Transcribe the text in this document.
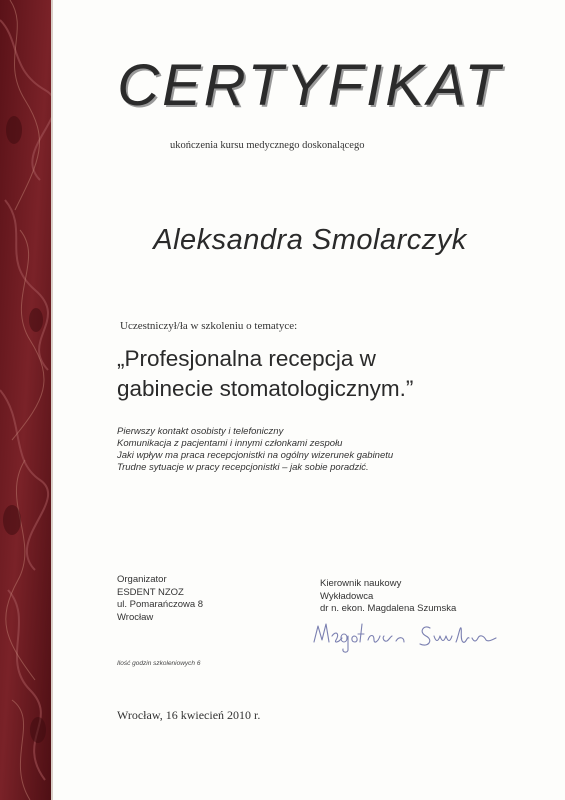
CERTYFIKAT
ukończenia kursu medycznego doskonalącego
Aleksandra Smolarczyk
Uczestniczył/ła w szkoleniu o tematyce:
„Profesjonalna recepcja w
gabinecie stomatologicznym.”
Pierwszy kontakt osobisty i telefoniczny
Komunikacja z pacjentami i innymi członkami zespołu
Jaki wpływ ma praca recepcjonistki na ogólny wizerunek gabinetu
Trudne sytuacje w pracy recepcjonistki – jak sobie poradzić.
Organizator
ESDENT NZOZ
ul. Pomarańczowa 8
Wrocław
Kierownik naukowy
Wykładowca
dr n. ekon. Magdalena Szumska
Ilość godzin szkoleniowych 6
Wrocław, 16 kwiecień 2010 r.
